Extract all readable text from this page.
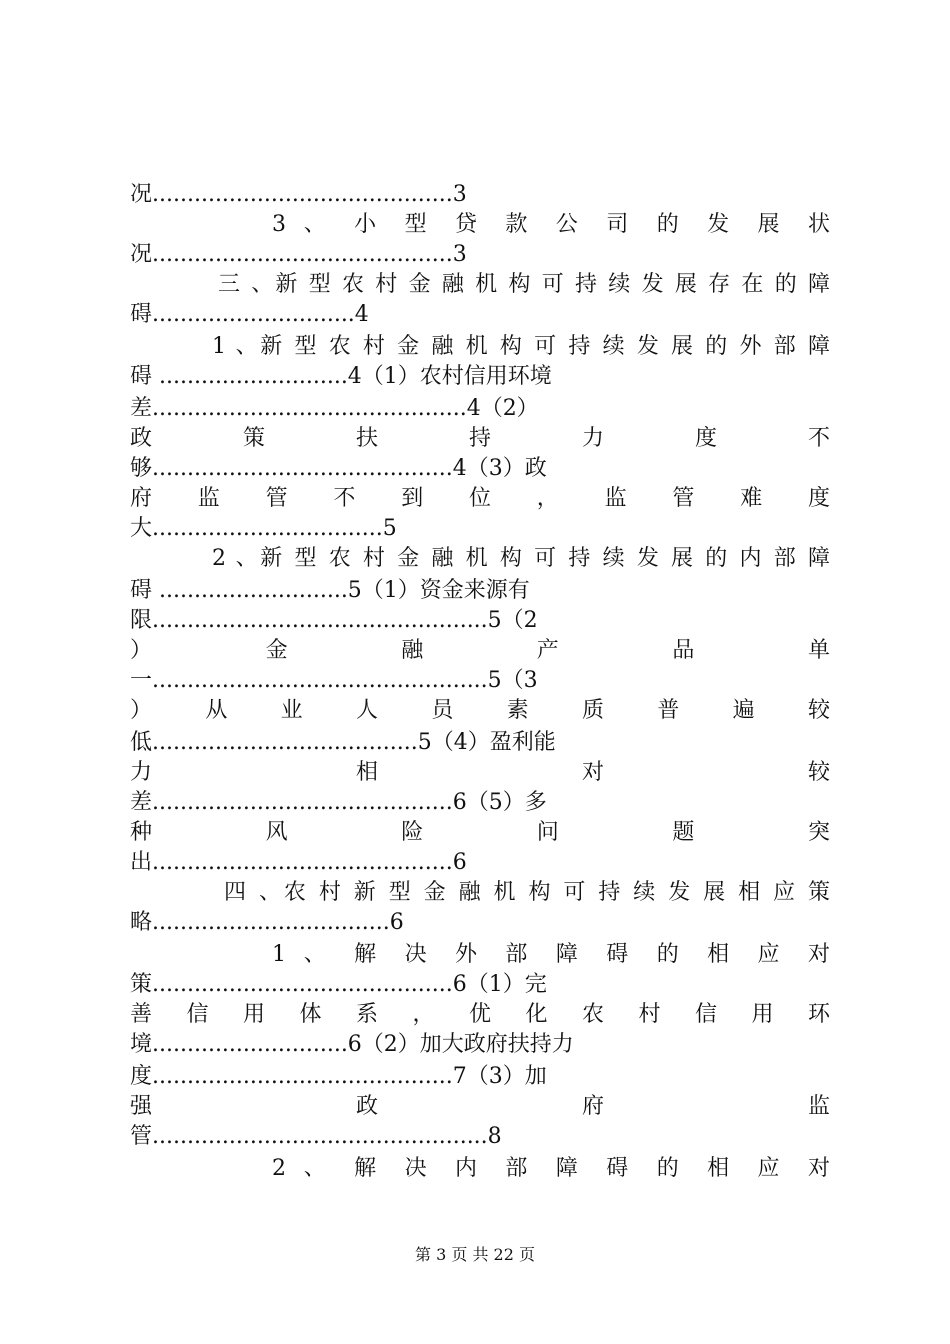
况...........................................3
3 、 小 型 贷 款 公 司 的 发 展 状
况...........................................3
三 、新 型 农 村 金 融 机 构 可 持 续 发 展 存 在 的 障
碍.............................4
1 、新 型 农 村 金 融 机 构 可 持 续 发 展 的 外 部 障
碍 ...........................4（1）农村信用环境
差.............................................4（2）
政 策 扶 持 力 度 不
够...........................................4（3）政
府 监 管 不 到 位 ， 监 管 难 度
大.................................5
2 、新 型 农 村 金 融 机 构 可 持 续 发 展 的 内 部 障
碍 ...........................5（1）资金来源有
限................................................5（2
） 金 融 产 品 单
一................................................5（3
） 从 业 人 员 素 质 普 遍 较
低......................................5（4）盈利能
力 相 对 较
差...........................................6（5）多
种 风 险 问 题 突
出...........................................6
四 、农 村 新 型 金 融 机 构 可 持 续 发 展 相 应 策
略..................................6
1 、 解 决 外 部 障 碍 的 相 应 对
策...........................................6（1）完
善 信 用 体 系 ， 优 化 农 村 信 用 环
境............................6（2）加大政府扶持力
度...........................................7（3）加
强 政 府 监
管................................................8
2 、 解 决 内 部 障 碍 的 相 应 对
第 3 页 共 22 页
